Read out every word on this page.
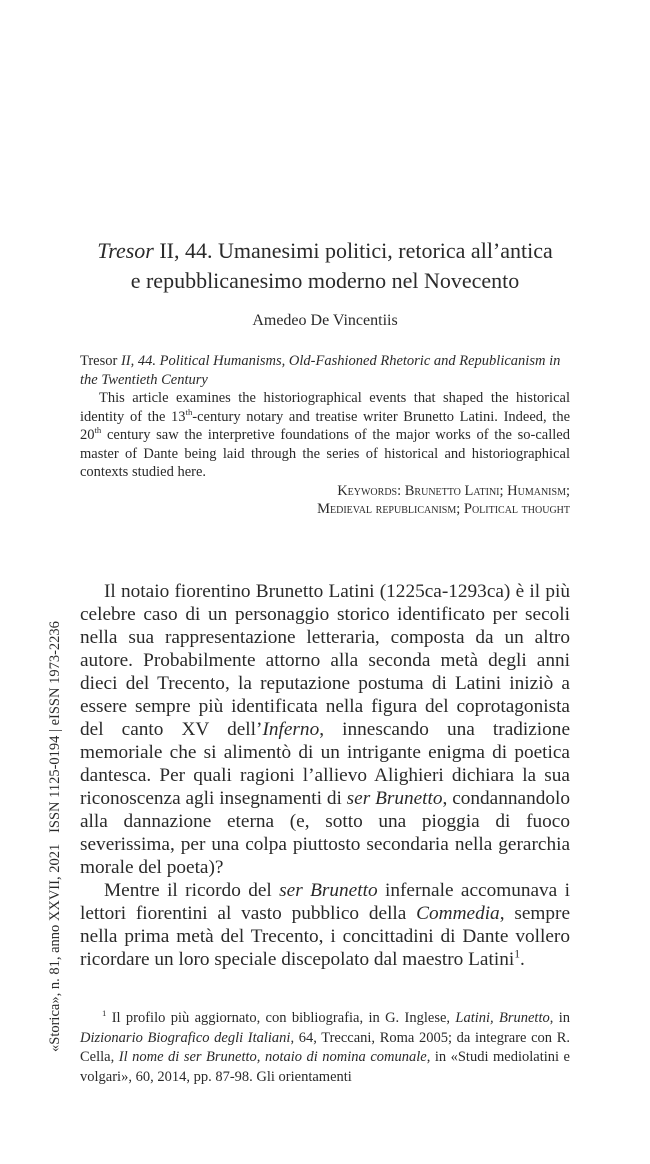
Tresor II, 44. Umanesimi politici, retorica all’antica
e repubblicanesimo moderno nel Novecento
Amedeo De Vincentiis

Tresor II, 44. Political Humanisms, Old-Fashioned Rhetoric and Republicanism in the Twentieth Century

This article examines the historiographical events that shaped the historical identity of the 13th-century notary and treatise writer Brunetto Latini. Indeed, the 20th century saw the interpretive foundations of the major works of the so-called master of Dante being laid through the series of historical and historiographical contexts studied here.

Keywords: Brunetto Latini; Humanism;

Medieval republicanism; Political thought

Il notaio fiorentino Brunetto Latini (1225ca-1293ca) è il più celebre caso di un personaggio storico identificato per secoli nella sua rappresentazione letteraria, composta da un altro autore. Probabilmente attorno alla seconda metà degli anni dieci del Trecento, la reputazione postuma di Latini iniziò a essere sempre più identificata nella figura del coprotagonista del canto XV dell’Inferno, innescando una tradizione memoriale che si alimentò di un intrigante enigma di poetica dantesca. Per quali ragioni l’allievo Alighieri dichiara la sua riconoscenza agli insegnamenti di ser Brunetto, condannandolo alla dannazione eterna (e, sotto una pioggia di fuoco severissima, per una colpa piuttosto secondaria nella gerarchia morale del poeta)?

Mentre il ricordo del ser Brunetto infernale accomunava i lettori fiorentini al vasto pubblico della Commedia, sempre nella prima metà del Trecento, i concittadini di Dante vollero ricordare un loro speciale discepolato dal maestro Latini$^1$.

$^1$ Il profilo più aggiornato, con bibliografia, in G. Inglese, Latini, Brunetto, in Dizionario Biografico degli Italiani, 64, Treccani, Roma 2005; da integrare con R. Cella, Il nome di ser Brunetto, notaio di nomina comunale, in «Studi mediolatini e volgari», 60, 2014, pp. 87-98. Gli orientamenti

«Storica», n. 81, anno XXVII, 2021   ISSN 1125-0194 | eISSN 1973-2236
